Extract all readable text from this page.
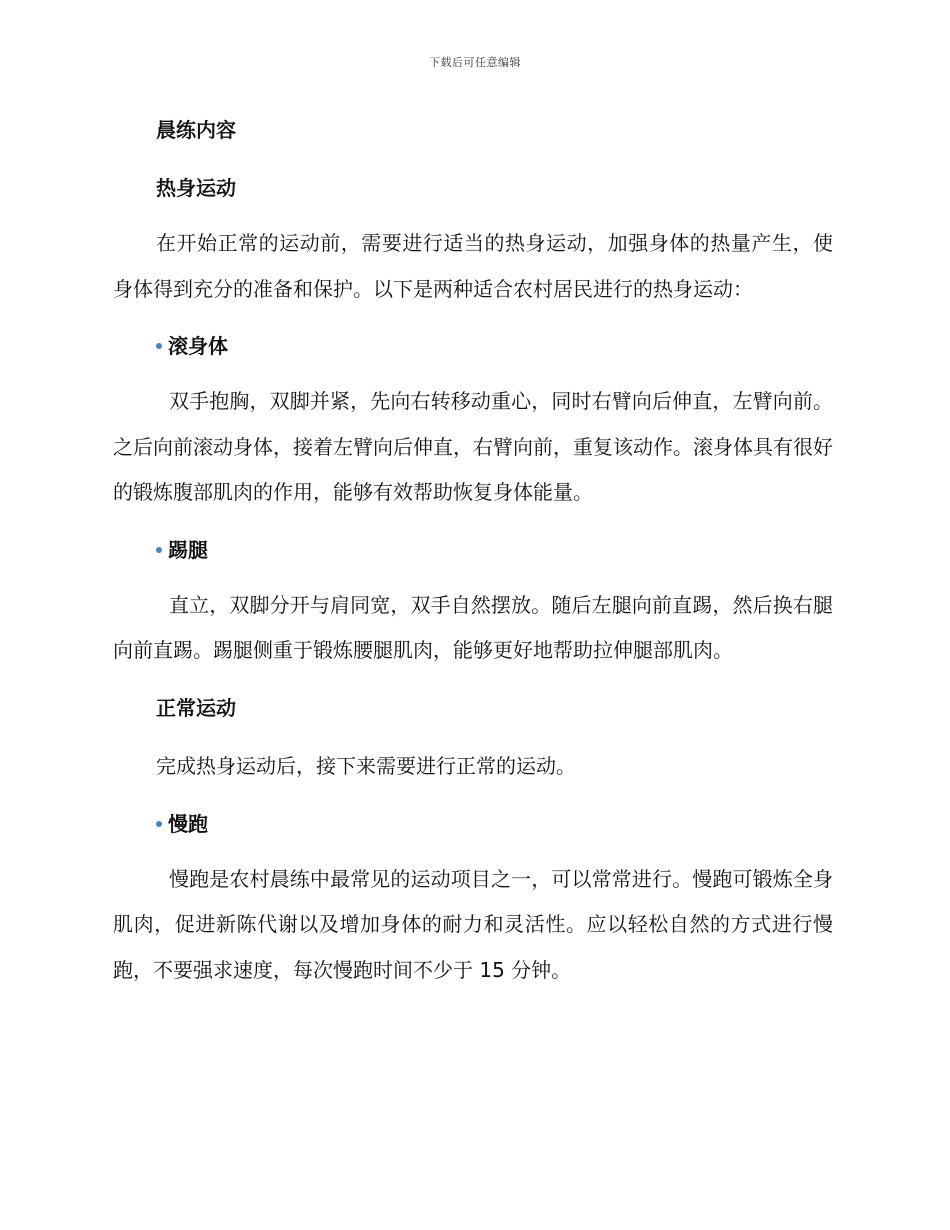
下载后可任意编辑

晨练内容

热身运动

在开始正常的运动前，需要进行适当的热身运动，加强身体的热量产生，使身体得到充分的准备和保护。以下是两种适合农村居民进行的热身运动：

滚身体

双手抱胸，双脚并紧，先向右转移动重心，同时右臂向后伸直，左臂向前。之后向前滚动身体，接着左臂向后伸直，右臂向前，重复该动作。滚身体具有很好的锻炼腹部肌肉的作用，能够有效帮助恢复身体能量。

踢腿

直立，双脚分开与肩同宽，双手自然摆放。随后左腿向前直踢，然后换右腿向前直踢。踢腿侧重于锻炼腰腿肌肉，能够更好地帮助拉伸腿部肌肉。

正常运动

完成热身运动后，接下来需要进行正常的运动。

慢跑

慢跑是农村晨练中最常见的运动项目之一，可以常常进行。慢跑可锻炼全身肌肉，促进新陈代谢以及增加身体的耐力和灵活性。应以轻松自然的方式进行慢跑，不要强求速度，每次慢跑时间不少于 15 分钟。
